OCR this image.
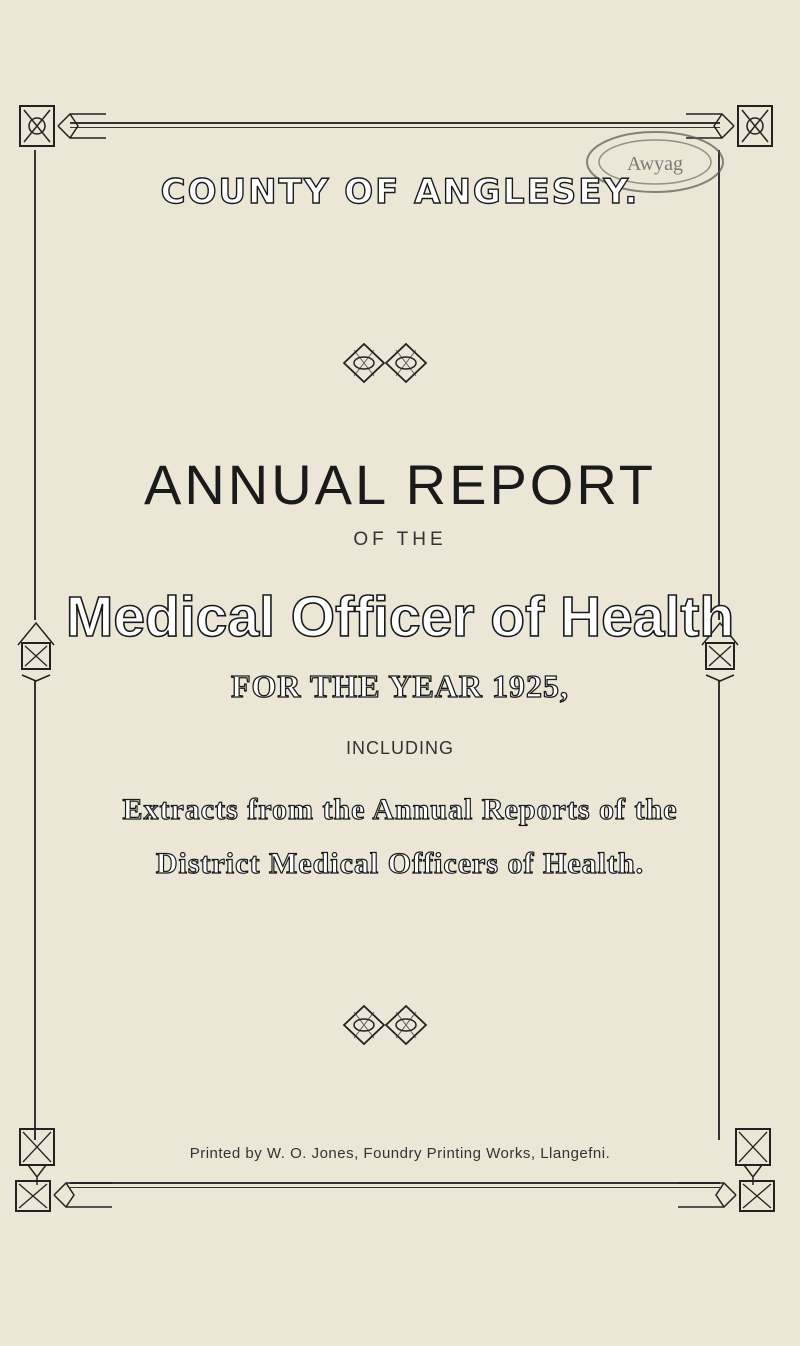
Awyag
COUNTY OF ANGLESEY.
ANNUAL REPORT
OF THE
Medical Officer of Health
FOR THE YEAR 1925,
INCLUDING
Extracts from the Annual Reports of the
District Medical Officers of Health.
Printed by W. O. Jones, Foundry Printing Works, Llangefni.
